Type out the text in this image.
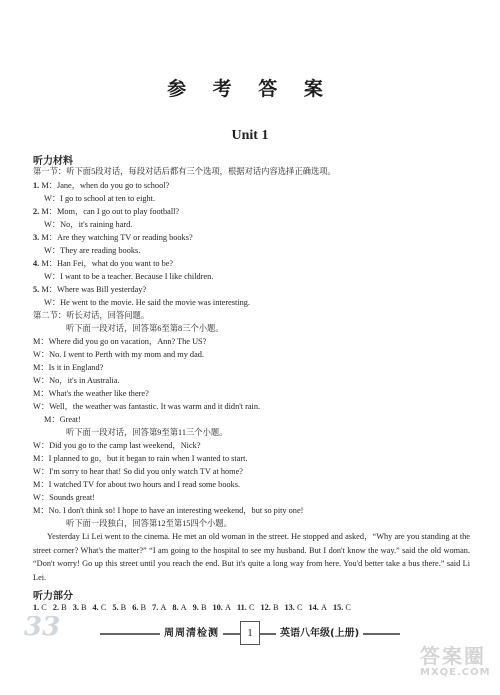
参 考 答 案
Unit 1
听力材料
第一节：听下面5段对话，每段对话后都有三个选项，根据对话内容选择正确选项。
1. M：Jane，when do you go to school?
W：I go to school at ten to eight.
2. M：Mom，can I go out to play football?
W：No，it's raining hard.
3. M：Are they watching TV or reading books?
W：They are reading books.
4. M：Han Fei，what do you want to be?
W：I want to be a teacher. Because I like children.
5. M：Where was Bill yesterday?
W：He went to the movie. He said the movie was interesting.
第二节：听长对话，回答问题。
听下面一段对话，回答第6至第8三个小题。
M：Where did you go on vacation，Ann? The US?
W：No. I went to Perth with my mom and my dad.
M：Is it in England?
W：No，it's in Australia.
M：What's the weather like there?
W：Well，the weather was fantastic. It was warm and it didn't rain.
M：Great!
听下面一段对话，回答第9至第11三个小题。
W：Did you go to the camp last weekend，Nick?
M：I planned to go，but it began to rain when I wanted to start.
W：I'm sorry to hear that! So did you only watch TV at home?
M：I watched TV for about two hours and I read some books.
W：Sounds great!
M：No. I don't think so! I hope to have an interesting weekend，but so pity one!
听下面一段独白，回答第12至第15四个小题。
Yesterday Li Lei went to the cinema. He met an old woman in the street. He stopped and asked，“Why are you standing at the street corner? What's the matter?” “I am going to the hospital to see my husband. But I don't know the way.” said the old woman. “Don't worry! Go up this street until you reach the end. But it's quite a long way from here. You'd better take a bus there.” said Li Lei.
听力部分
1. C 2. B 3. B 4. C 5. B 6. B 7. A 8. A 9. B 10. A 11. C 12. B 13. C 14. A 15. C
33	周周清检测	1	英语八年级(上册)
答案圈
MXQE.COM
